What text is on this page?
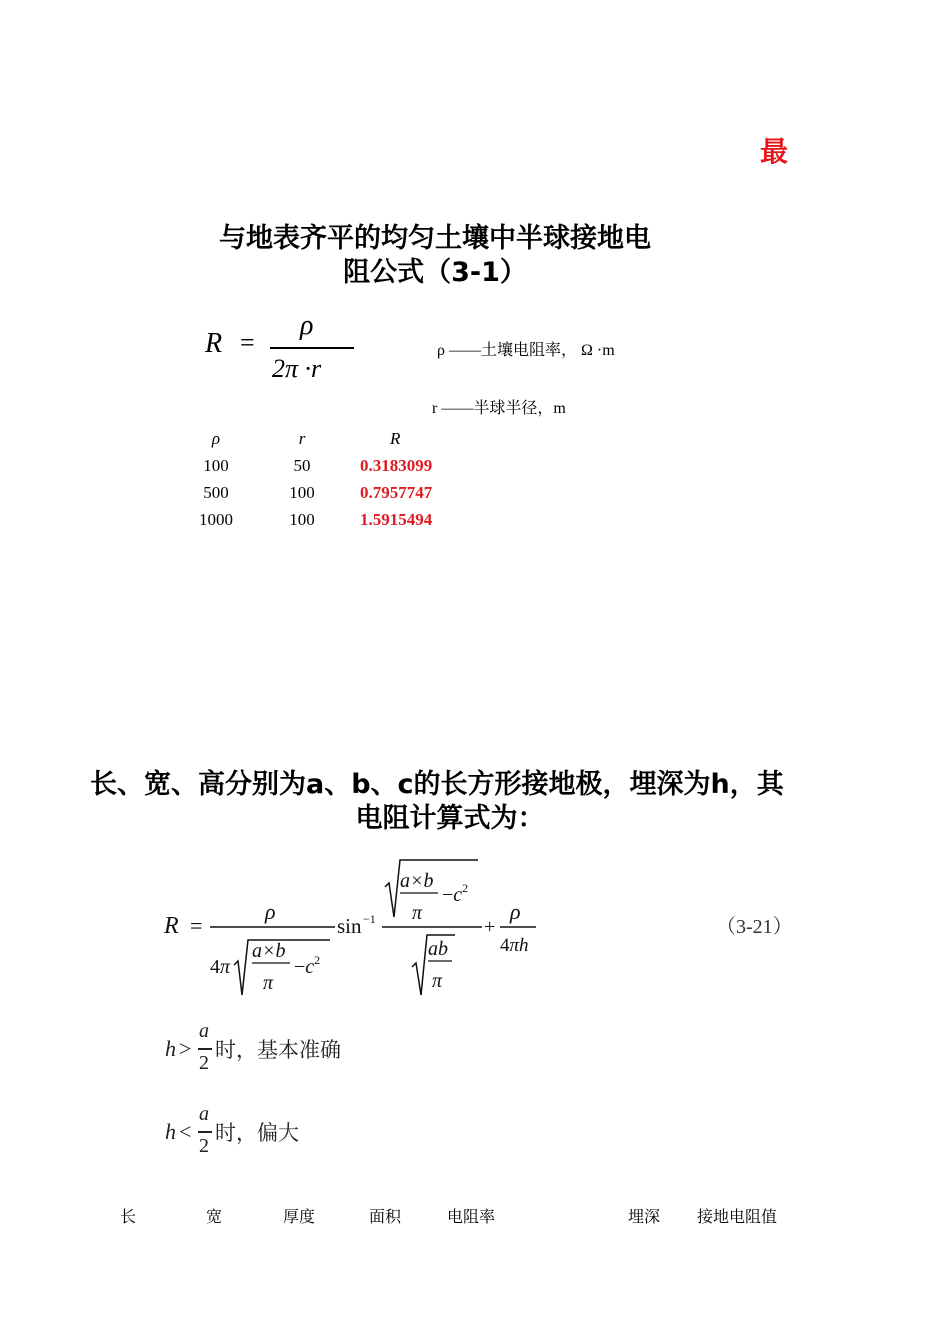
最
与地表齐平的均匀土壤中半球接地电
阻公式（3-1）
R =
ρ
2π ·r
ρ ——土壤电阻率， Ω ·m
r ——半球半径，m
ρ	r	R
100	50	0.3183099
500	100	0.7957747
1000	100	1.5915494
长、宽、高分别为a、b、c的长方形接地极，埋深为h，其
电阻计算式为：
R =
ρ
4π
a×b
π
$-c^2$
sin −1
a×b
π
$-c^2$
ab
π
+
ρ
4πh
（3-21）
h >
a
2
时，基本准确
h <
a
2
时，偏大
长	宽	厚度	面积	电阻率	埋深 接地电阻值
